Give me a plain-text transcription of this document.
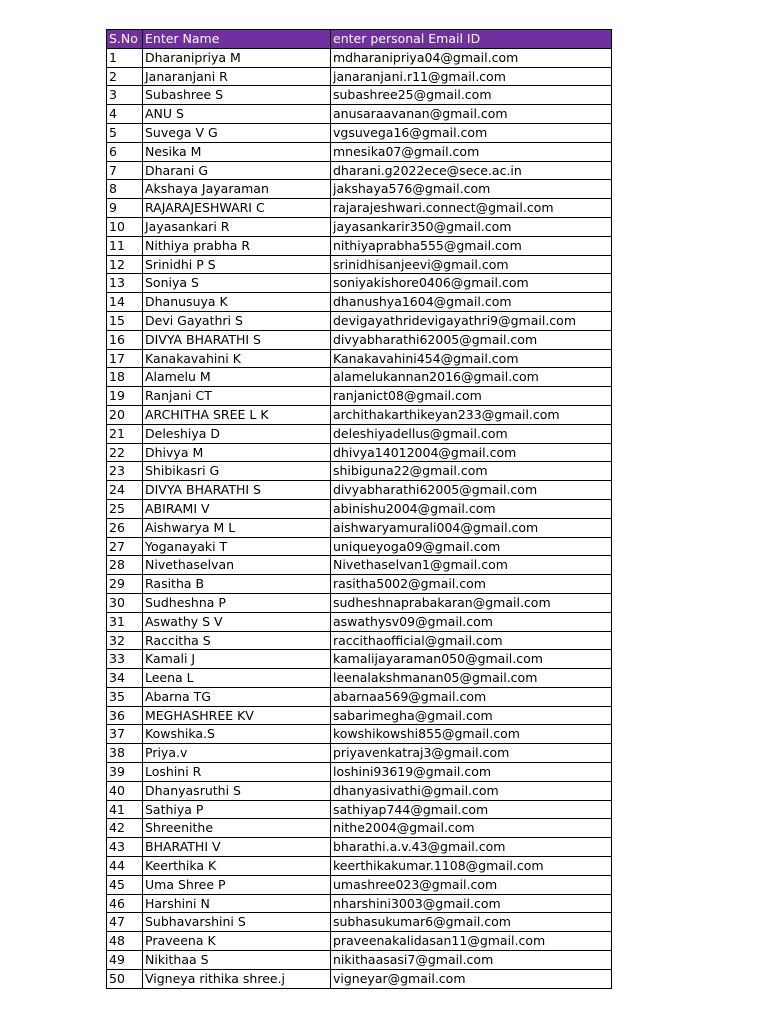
S.No	Enter Name	enter personal Email ID
1	Dharanipriya M	mdharanipriya04@gmail.com
2	Janaranjani R	janaranjani.r11@gmail.com
3	Subashree S	subashree25@gmail.com
4	ANU S	anusaraavanan@gmail.com
5	Suvega V G	vgsuvega16@gmail.com
6	Nesika M	mnesika07@gmail.com
7	Dharani G	dharani.g2022ece@sece.ac.in
8	Akshaya Jayaraman	jakshaya576@gmail.com
9	RAJARAJESHWARI C	rajarajeshwari.connect@gmail.com
10	Jayasankari R	jayasankarir350@gmail.com
11	Nithiya prabha R	nithiyaprabha555@gmail.com
12	Srinidhi P S	srinidhisanjeevi@gmail.com
13	Soniya S	soniyakishore0406@gmail.com
14	Dhanusuya K	dhanushya1604@gmail.com
15	Devi Gayathri S	devigayathridevigayathri9@gmail.com
16	DIVYA BHARATHI S	divyabharathi62005@gmail.com
17	Kanakavahini K	Kanakavahini454@gmail.com
18	Alamelu M	alamelukannan2016@gmail.com
19	Ranjani CT	ranjanict08@gmail.com
20	ARCHITHA SREE L K	archithakarthikeyan233@gmail.com
21	Deleshiya D	deleshiyadellus@gmail.com
22	Dhivya M	dhivya14012004@gmail.com
23	Shibikasri G	shibiguna22@gmail.com
24	DIVYA BHARATHI S	divyabharathi62005@gmail.com
25	ABIRAMI V	abinishu2004@gmail.com
26	Aishwarya M L	aishwaryamurali004@gmail.com
27	Yoganayaki T	uniqueyoga09@gmail.com
28	Nivethaselvan	Nivethaselvan1@gmail.com
29	Rasitha B	rasitha5002@gmail.com
30	Sudheshna P	sudheshnaprabakaran@gmail.com
31	Aswathy S V	aswathysv09@gmail.com
32	Raccitha S	raccithaofficial@gmail.com
33	Kamali J	kamalijayaraman050@gmail.com
34	Leena L	leenalakshmanan05@gmail.com
35	Abarna TG	abarnaa569@gmail.com
36	MEGHASHREE KV	sabarimegha@gmail.com
37	Kowshika.S	kowshikowshi855@gmail.com
38	Priya.v	priyavenkatraj3@gmail.com
39	Loshini R	loshini93619@gmail.com
40	Dhanyasruthi S	dhanyasivathi@gmail.com
41	Sathiya P	sathiyap744@gmail.com
42	Shreenithe	nithe2004@gmail.com
43	BHARATHI V	bharathi.a.v.43@gmail.com
44	Keerthika K	keerthikakumar.1108@gmail.com
45	Uma Shree P	umashree023@gmail.com
46	Harshini N	nharshini3003@gmail.com
47	Subhavarshini S	subhasukumar6@gmail.com
48	Praveena K	praveenakalidasan11@gmail.com
49	Nikithaa S	nikithaasasi7@gmail.com
50	Vigneya rithika shree.j	vigneyar@gmail.com
